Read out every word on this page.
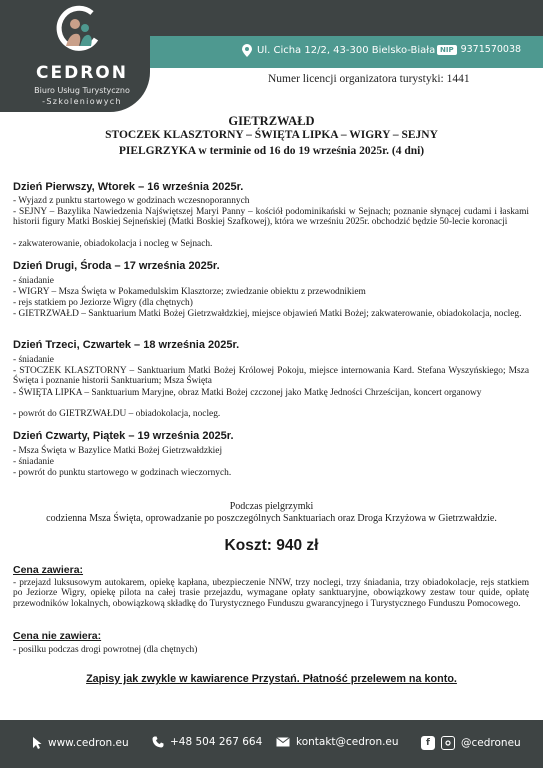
CEDRON
Biuro Usług Turystyczno
-Szkoleniowych
Ul. Cicha 12/2, 43-300 Bielsko-Biała NIP 9371570038
Numer licencji organizatora turystyki: 1441
GIETRZWAŁD
STOCZEK KLASZTORNY – ŚWIĘTA LIPKA – WIGRY – SEJNY
PIELGRZYKA w terminie od 16 do 19 września 2025r. (4 dni)
Dzień Pierwszy, Wtorek – 16 września 2025r.
- Wyjazd z punktu startowego w godzinach wczesnoporannych
- SEJNY – Bazylika Nawiedzenia Najświętszej Maryi Panny – kościół podominikański w Sejnach; poznanie słynącej cudami i łaskami historii figury Matki Boskiej Sejneńskiej (Matki Boskiej Szafkowej), która we wrześniu 2025r. obchodzić będzie 50-lecie koronacji
- zakwaterowanie, obiadokolacja i nocleg w Sejnach.
Dzień Drugi, Środa – 17 września 2025r.
- śniadanie
- WIGRY – Msza Święta w Pokamedulskim Klasztorze; zwiedzanie obiektu z przewodnikiem
- rejs statkiem po Jeziorze Wigry (dla chętnych)
- GIETRZWAŁD – Sanktuarium Matki Bożej Gietrzwałdzkiej, miejsce objawień Matki Bożej; zakwaterowanie, obiadokolacja, nocleg.
Dzień Trzeci, Czwartek – 18 września 2025r.
- śniadanie
- STOCZEK KLASZTORNY – Sanktuarium Matki Bożej Królowej Pokoju, miejsce internowania Kard. Stefana Wyszyńskiego; Msza Święta i poznanie historii Sanktuarium; Msza Święta
- ŚWIĘTA LIPKA – Sanktuarium Maryjne, obraz Matki Bożej czczonej jako Matkę Jedności Chrześcijan, koncert organowy
- powrót do GIETRZWAŁDU – obiadokolacja, nocleg.
Dzień Czwarty, Piątek – 19 września 2025r.
- Msza Święta w Bazylice Matki Bożej Gietrzwałdzkiej
- śniadanie
- powrót do punktu startowego w godzinach wieczornych.
Podczas pielgrzymki
codzienna Msza Święta, oprowadzanie po poszczególnych Sanktuariach oraz Droga Krzyżowa w Gietrzwałdzie.
Koszt: 940 zł
Cena zawiera:
- przejazd luksusowym autokarem, opiekę kapłana, ubezpieczenie NNW, trzy noclegi, trzy śniadania, trzy obiadokolacje, rejs statkiem po Jeziorze Wigry, opiekę pilota na całej trasie przejazdu, wymagane opłaty sanktuaryjne, obowiązkowy zestaw tour quide, opłatę przewodników lokalnych, obowiązkową składkę do Turystycznego Funduszu gwarancyjnego i Turystycznego Funduszu Pomocowego.
Cena nie zawiera:
- posilku podczas drogi powrotnej (dla chętnych)
Zapisy jak zwykle w kawiarence Przystań. Płatność przelewem na konto.
www.cedron.eu	+48 504 267 664	kontakt@cedron.eu	f	@cedroneu
